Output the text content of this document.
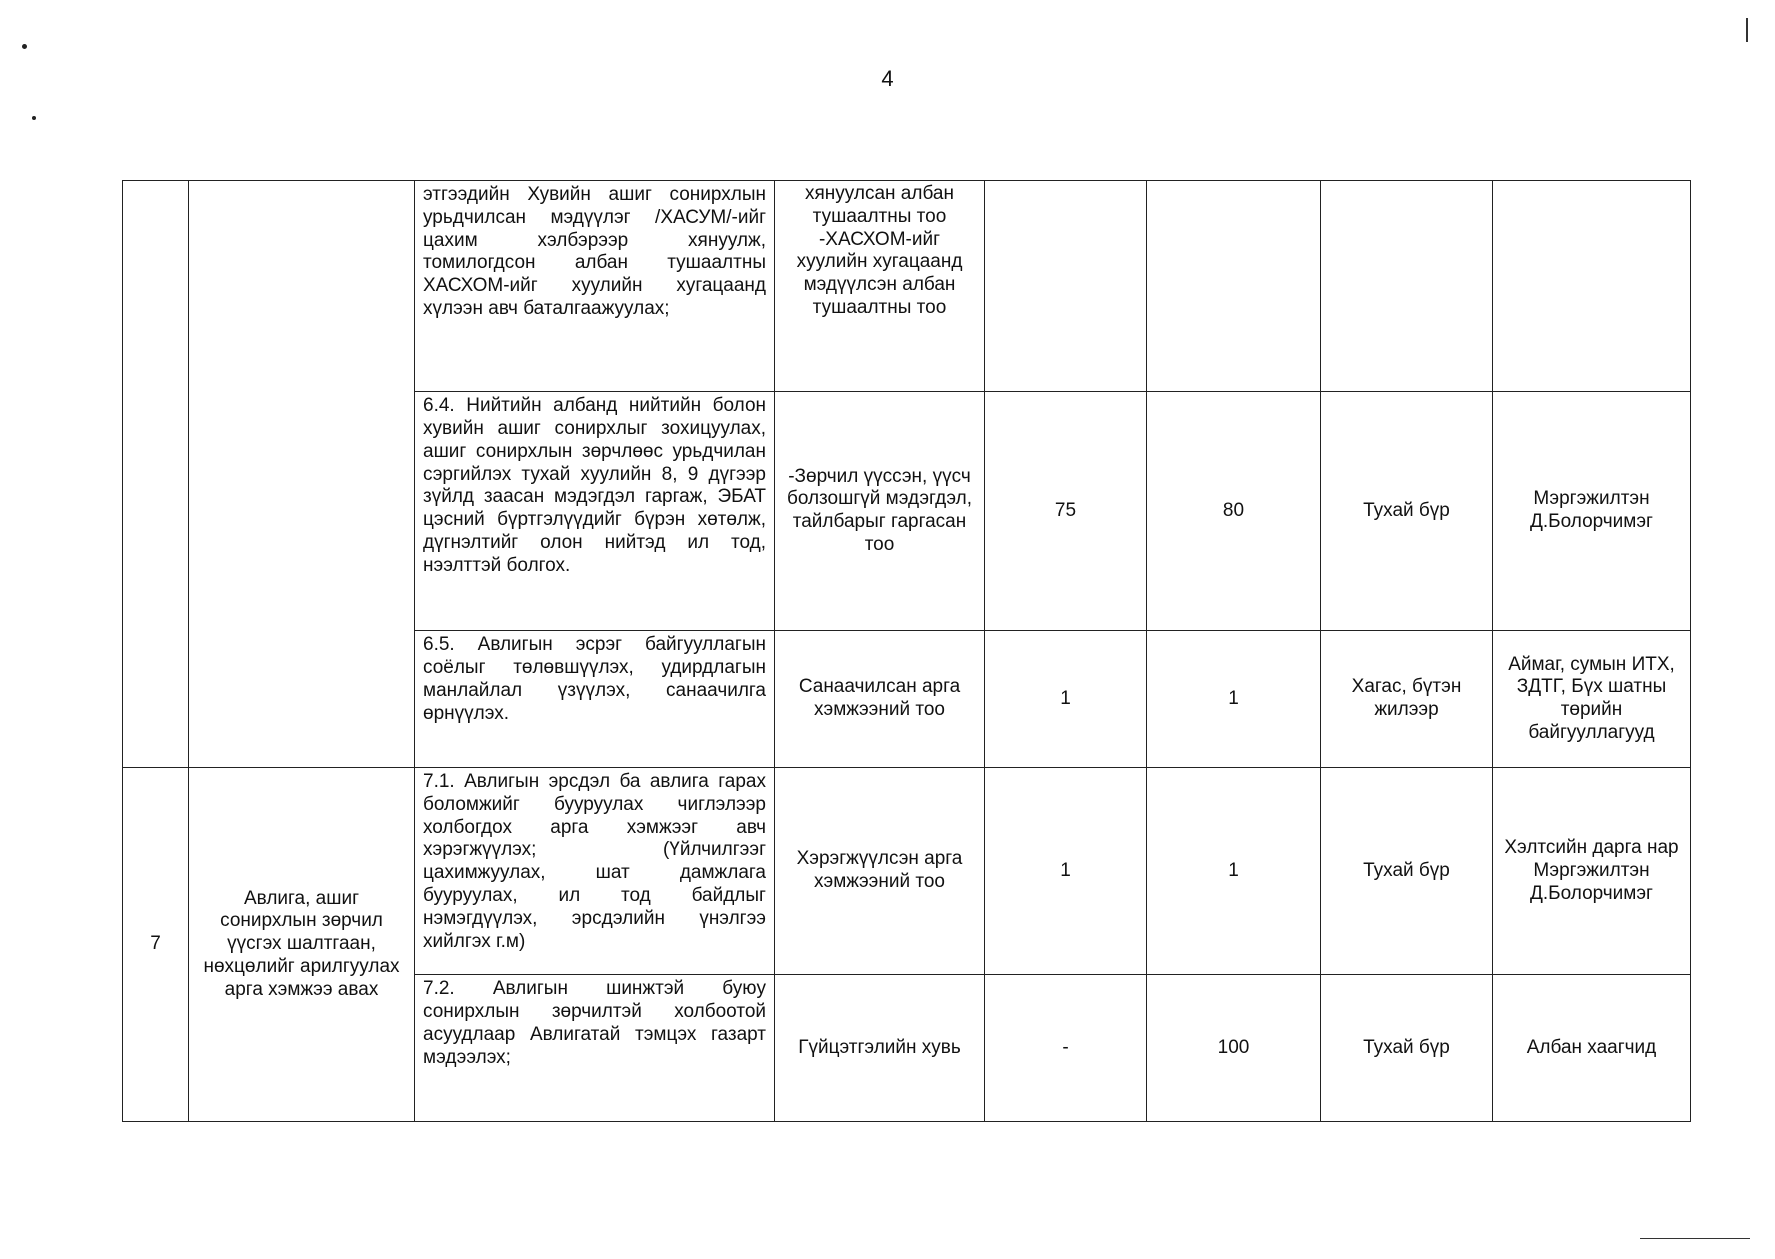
4
		этгээдийн Хувийн ашиг сонирхлын урьдчилсан мэдүүлэг /ХАСУМ/-ийг цахим хэлбэрээр хянуулж, томилогдсон албан тушаалтны ХАСХОМ-ийг хуулийн хугацаанд хүлээн авч баталгаажуулах;	хянуулсан албан тушаалтны тоо -ХАСХОМ-ийг хуулийн хугацаанд мэдүүлсэн албан тушаалтны тоо				
		6.4. Нийтийн албанд нийтийн болон хувийн ашиг сонирхлыг зохицуулах, ашиг сонирхлын зөрчлөөс урьдчилан сэргийлэх тухай хуулийн 8, 9 дүгээр зүйлд заасан мэдэгдэл гаргаж, ЭБАТ цэсний бүртгэлүүдийг бүрэн хөтөлж, дүгнэлтийг олон нийтэд ил тод, нээлттэй болгох.	-Зөрчил үүссэн, үүсч болзошгүй мэдэгдэл, тайлбарыг гаргасан тоо	75	80	Тухай бүр	Мэргэжилтэн Д.Болорчимэг
		6.5. Авлигын эсрэг байгууллагын соёлыг төлөвшүүлэх, удирдлагын манлайлал үзүүлэх, санаачилга өрнүүлэх.	Санаачилсан арга хэмжээний тоо	1	1	Хагас, бүтэн жилээр	Аймаг, сумын ИТХ, ЗДТГ, Бүх шатны төрийн байгууллагууд
7	Авлига, ашиг сонирхлын зөрчил үүсгэх шалтгаан, нөхцөлийг арилгуулах арга хэмжээ авах	7.1. Авлигын эрсдэл ба авлига гарах боломжийг бууруулах чиглэлээр холбогдох арга хэмжээг авч хэрэгжүүлэх; (Үйлчилгээг цахимжуулах, шат дамжлага бууруулах, ил тод байдлыг нэмэгдүүлэх, эрсдэлийн үнэлгээ хийлгэх г.м)	Хэрэгжүүлсэн арга хэмжээний тоо	1	1	Тухай бүр	Хэлтсийн дарга нар Мэргэжилтэн Д.Болорчимэг
		7.2. Авлигын шинжтэй буюу сонирхлын зөрчилтэй холбоотой асуудлаар Авлигатай тэмцэх газарт мэдээлэх;	Гүйцэтгэлийн хувь	-	100	Тухай бүр	Албан хаагчид
